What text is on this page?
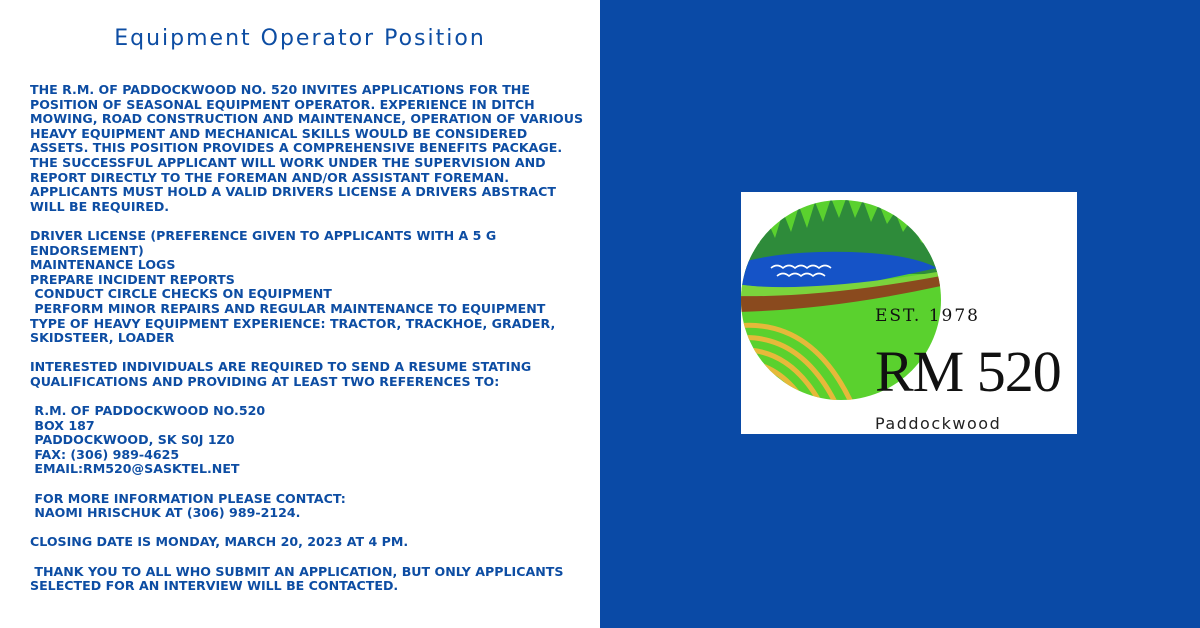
Equipment Operator Position

THE R.M. OF PADDOCKWOOD NO. 520 INVITES APPLICATIONS FOR THE POSITION OF SEASONAL EQUIPMENT OPERATOR. EXPERIENCE IN DITCH MOWING, ROAD CONSTRUCTION AND MAINTENANCE, OPERATION OF VARIOUS HEAVY EQUIPMENT AND MECHANICAL SKILLS WOULD BE CONSIDERED ASSETS. THIS POSITION PROVIDES A COMPREHENSIVE BENEFITS PACKAGE. THE SUCCESSFUL APPLICANT WILL WORK UNDER THE SUPERVISION AND REPORT DIRECTLY TO THE FOREMAN AND/OR ASSISTANT FOREMAN. APPLICANTS MUST HOLD A VALID DRIVERS LICENSE A DRIVERS ABSTRACT WILL BE REQUIRED.

DRIVER LICENSE (PREFERENCE GIVEN TO APPLICANTS WITH A 5 G ENDORSEMENT)

MAINTENANCE LOGS

PREPARE INCIDENT REPORTS

CONDUCT CIRCLE CHECKS ON EQUIPMENT

PERFORM MINOR REPAIRS AND REGULAR MAINTENANCE TO EQUIPMENT

TYPE OF HEAVY EQUIPMENT EXPERIENCE: TRACTOR, TRACKHOE, GRADER, SKIDSTEER, LOADER

INTERESTED INDIVIDUALS ARE REQUIRED TO SEND A RESUME STATING QUALIFICATIONS AND PROVIDING AT LEAST TWO REFERENCES TO:

R.M. OF PADDOCKWOOD NO.520

BOX 187

PADDOCKWOOD, SK S0J 1Z0

FAX: (306) 989-4625

EMAIL:RM520@SASKTEL.NET

FOR MORE INFORMATION PLEASE CONTACT:

NAOMI HRISCHUK AT (306) 989-2124.

CLOSING DATE IS MONDAY, MARCH 20, 2023 AT 4 PM.

THANK YOU TO ALL WHO SUBMIT AN APPLICATION, BUT ONLY APPLICANTS SELECTED FOR AN INTERVIEW WILL BE CONTACTED.

EST. 1978
RM 520
Paddockwood
